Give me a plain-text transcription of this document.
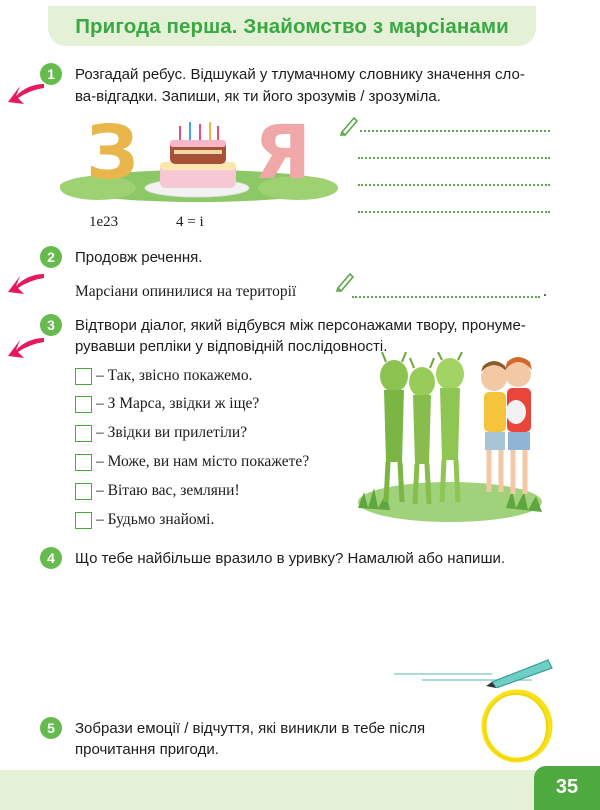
Пригода перша. Знайомство з марсіанами
1	Розгадай ребус. Відшукай у тлумачному словнику значення сло-
ва-відгадки. Запиши, як ти його зрозумів / зрозуміла.
З Я
1е23	4 = і
2	Продовж речення.
Марсіани опинилися на території	.
3	Відтвори діалог, який відбувся між персонажами твору, пронуме-
рувавши репліки у відповідній послідовності.
– Так, звісно покажемо.
– З Марса, звідки ж іще?
– Звідки ви прилетіли?
– Може, ви нам місто покажете?
– Вітаю вас, земляни!
– Будьмо знайомі.
4	Що тебе найбільше вразило в уривку? Намалюй або напиши.
5	Зобрази емоції / відчуття, які виникли в тебе після
прочитання пригоди.
35
